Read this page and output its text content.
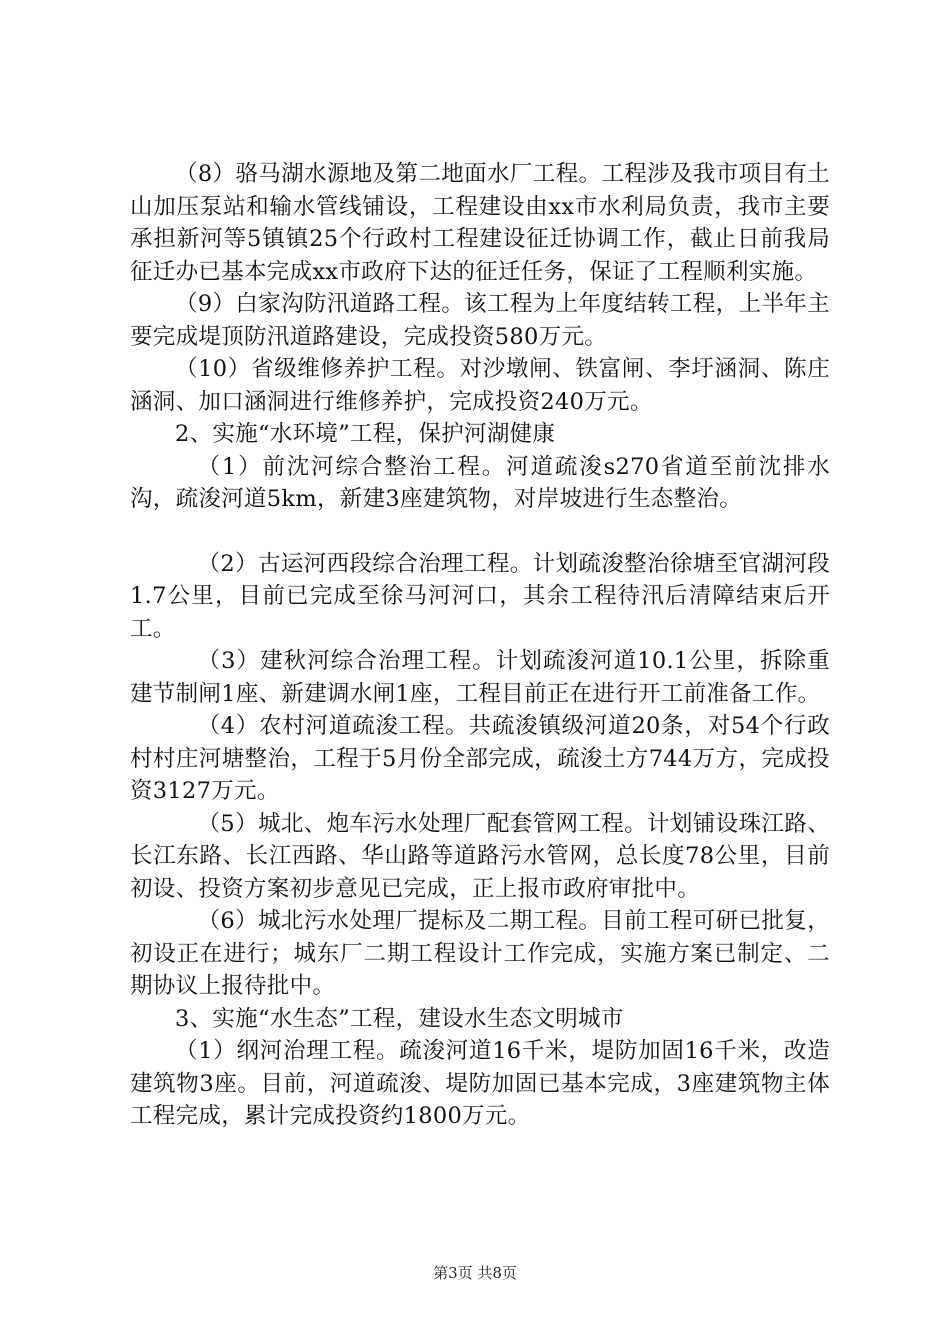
（8）骆马湖水源地及第二地面水厂工程。工程涉及我市项目有土山加压泵站和输水管线铺设，工程建设由xx市水利局负责，我市主要承担新河等5镇镇25个行政村工程建设征迁协调工作，截止日前我局征迁办已基本完成xx市政府下达的征迁任务，保证了工程顺利实施。

（9）白家沟防汛道路工程。该工程为上年度结转工程，上半年主要完成堤顶防汛道路建设，完成投资580万元。

（10）省级维修养护工程。对沙墩闸、铁富闸、李圩涵洞、陈庄涵洞、加口涵洞进行维修养护，完成投资240万元。

2、实施“水环境”工程，保护河湖健康

（1）前沈河综合整治工程。河道疏浚s270省道至前沈排水沟，疏浚河道5km，新建3座建筑物，对岸坡进行生态整治。

（2）古运河西段综合治理工程。计划疏浚整治徐塘至官湖河段1.7公里，目前已完成至徐马河河口，其余工程待汛后清障结束后开工。

（3）建秋河综合治理工程。计划疏浚河道10.1公里，拆除重建节制闸1座、新建调水闸1座，工程目前正在进行开工前准备工作。

（4）农村河道疏浚工程。共疏浚镇级河道20条，对54个行政村村庄河塘整治，工程于5月份全部完成，疏浚土方744万方，完成投资3127万元。

（5）城北、炮车污水处理厂配套管网工程。计划铺设珠江路、长江东路、长江西路、华山路等道路污水管网，总长度78公里，目前初设、投资方案初步意见已完成，正上报市政府审批中。

（6）城北污水处理厂提标及二期工程。目前工程可研已批复，初设正在进行；城东厂二期工程设计工作完成，实施方案已制定、二期协议上报待批中。

3、实施“水生态”工程，建设水生态文明城市

（1）纲河治理工程。疏浚河道16千米，堤防加固16千米，改造建筑物3座。目前，河道疏浚、堤防加固已基本完成，3座建筑物主体工程完成，累计完成投资约1800万元。

第3页 共8页
